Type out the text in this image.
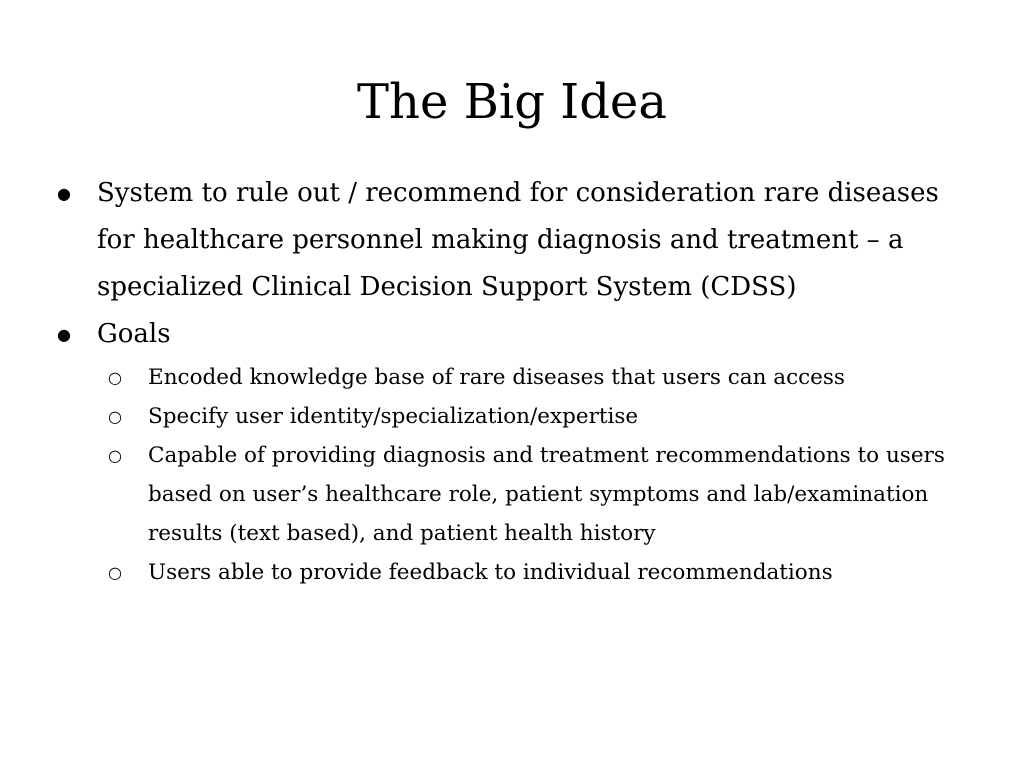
The Big Idea
● System to rule out / recommend for consideration rare diseases for healthcare personnel making diagnosis and treatment – a specialized Clinical Decision Support System (CDSS)
● Goals
○ Encoded knowledge base of rare diseases that users can access
○ Specify user identity/specialization/expertise
○ Capable of providing diagnosis and treatment recommendations to users based on user’s healthcare role, patient symptoms and lab/examination results (text based), and patient health history
○ Users able to provide feedback to individual recommendations
